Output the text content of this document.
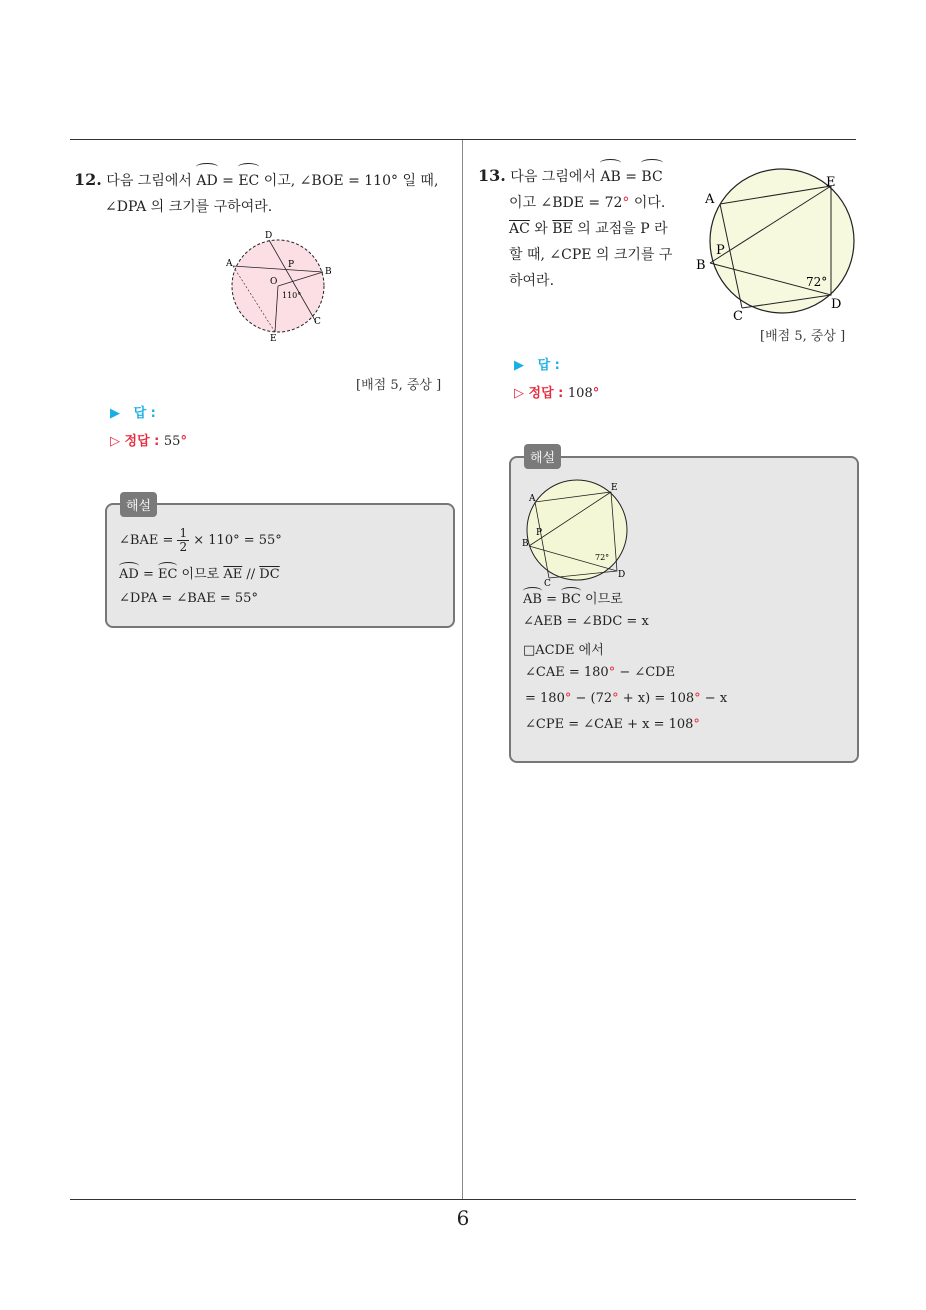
6
12. 다음 그림에서 AD = EC 이고, ∠BOE = 110° 일 때,
∠DPA 의 크기를 구하여라.
D
A	P
B
O
110°
C
E
[배점 5, 중상 ]
▶ 답 :
▷ 정답 : 55°
∠BAE = $\frac{1}{2} \times 110^\circ = 55^\circ$
AD = EC 이므로 $\overline{AE} // \overline{DC}$
∠DPA = ∠BAE = 55°
해설
13. 다음 그림에서 AB = BC
이고 ∠BDE = 72° 이다.
$\overline{AC}$ 와 $\overline{BE}$ 의 교점을 P 라
할 때, ∠CPE 의 크기를 구
하여라.
A
E
P
B
72°
D
C
[배점 5, 중상 ]
▶ 답 :
▷ 정답 : 108°
A
E
P
B
72°
C
D
AB = BC 이므로
∠AEB = ∠BDC = x
□ACDE 에서
∠CAE = 180° − ∠CDE
= 180° − (72° + x) = 108° − x
∠CPE = ∠CAE + x = 108°
해설
